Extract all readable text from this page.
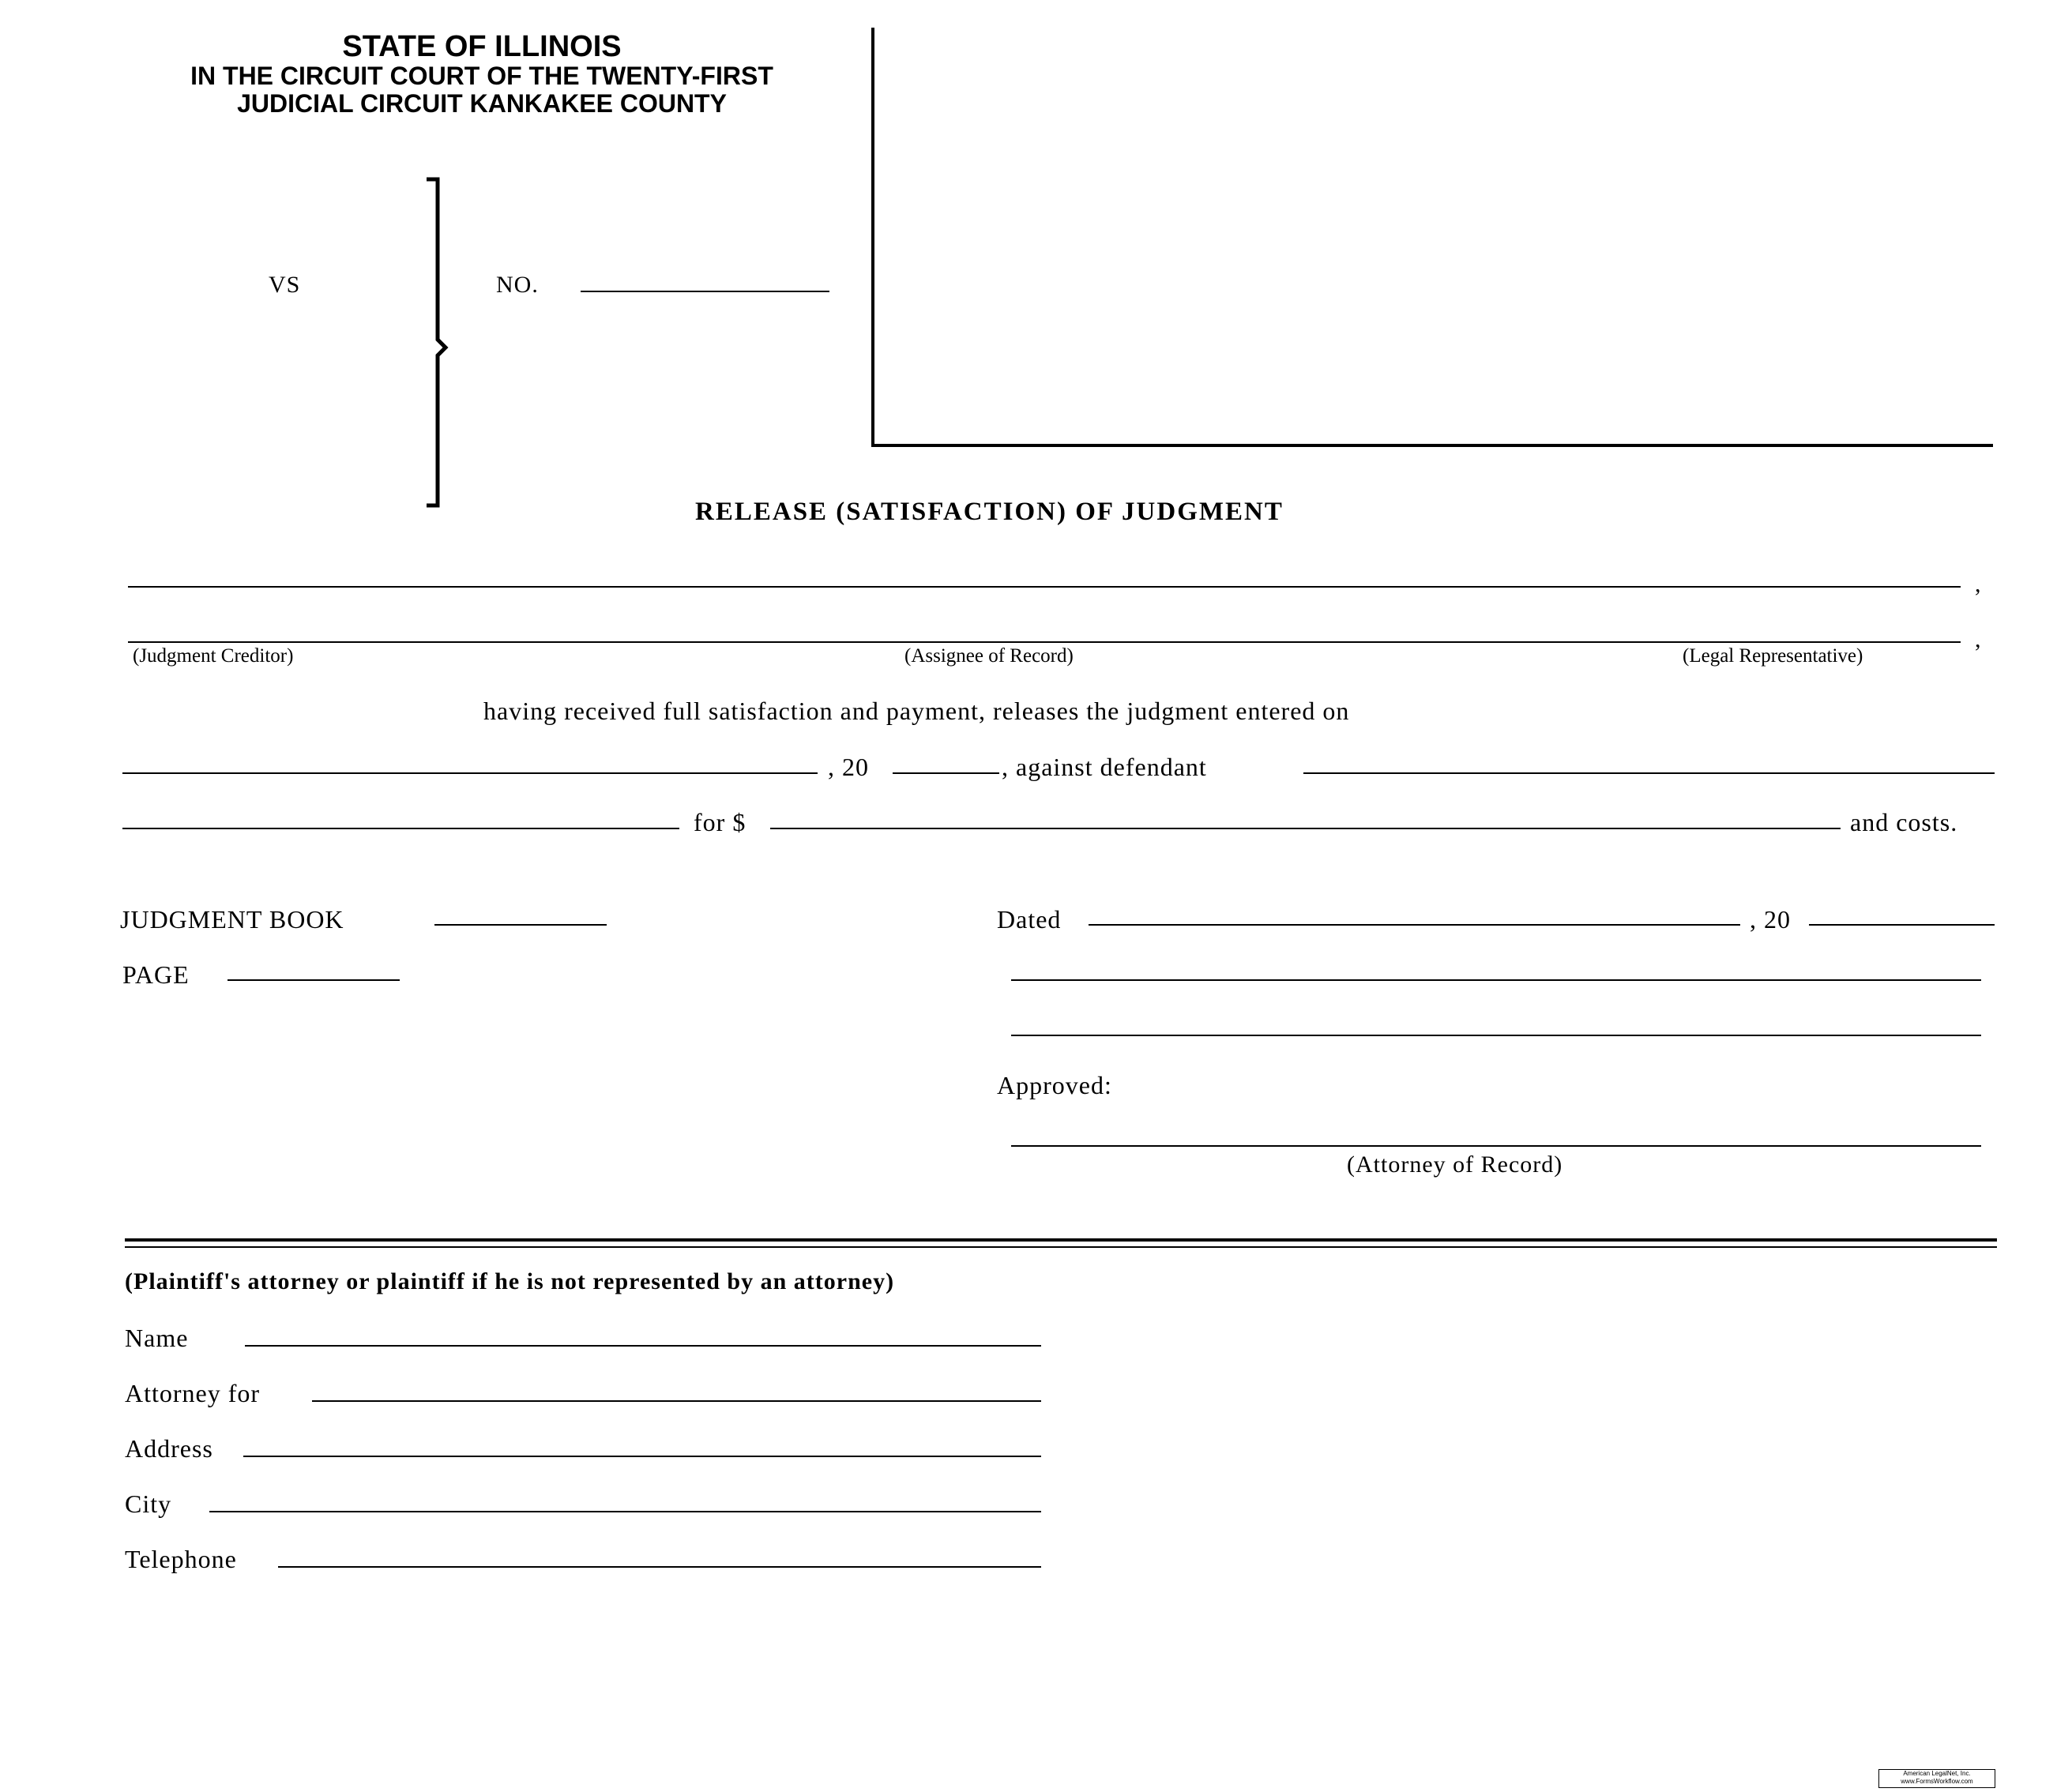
STATE OF ILLINOIS
IN THE CIRCUIT COURT OF THE TWENTY-FIRST
JUDICIAL CIRCUIT KANKAKEE COUNTY
VS	NO.
RELEASE (SATISFACTION) OF JUDGMENT
,
,
(Judgment Creditor)	(Assignee of Record)	(Legal Representative)
having received full satisfaction and payment, releases the judgment entered on
, 20	, against defendant
for $	and costs.
JUDGMENT BOOK
PAGE
Dated	, 20
Approved:
(Attorney of Record)
(Plaintiff's attorney or plaintiff if he is not represented by an attorney)
Name
Attorney for
Address
City
Telephone
American LegalNet, Inc.
www.FormsWorkflow.com
